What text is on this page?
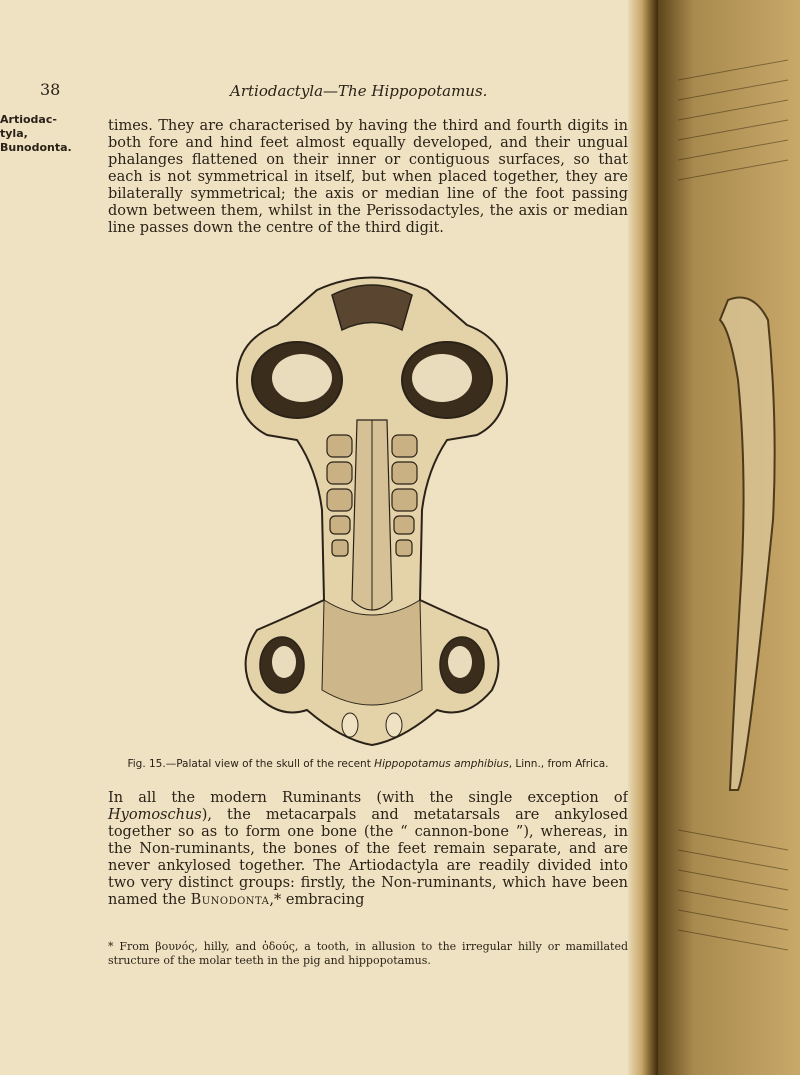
38	Artiodactyla—The Hippopotamus.
Artiodac-
tyla,
Bunodonta.

times. They are characterised by having the third and fourth digits in both fore and hind feet almost equally developed, and their ungual phalanges flattened on their inner or contiguous surfaces, so that each is not symmetrical in itself, but when placed together, they are bilaterally symmetrical; the axis or median line of the foot passing down between them, whilst in the Perissodactyles, the axis or median line passes down the centre of the third digit.

Fig. 15.—Palatal view of the skull of the recent Hippopotamus amphibius, Linn., from Africa.

In all the modern Ruminants (with the single exception of Hyomoschus), the metacarpals and metatarsals are ankylosed together so as to form one bone (the “ cannon-bone ”), whereas, in the Non-ruminants, the bones of the feet remain separate, and are never ankylosed together. The Artiodactyla are readily divided into two very distinct groups: firstly, the Non-ruminants, which have been named the Bunodonta,* embracing

* From βουνός, hilly, and ὀδούς, a tooth, in allusion to the irregular hilly or mamillated structure of the molar teeth in the pig and hippopotamus.
